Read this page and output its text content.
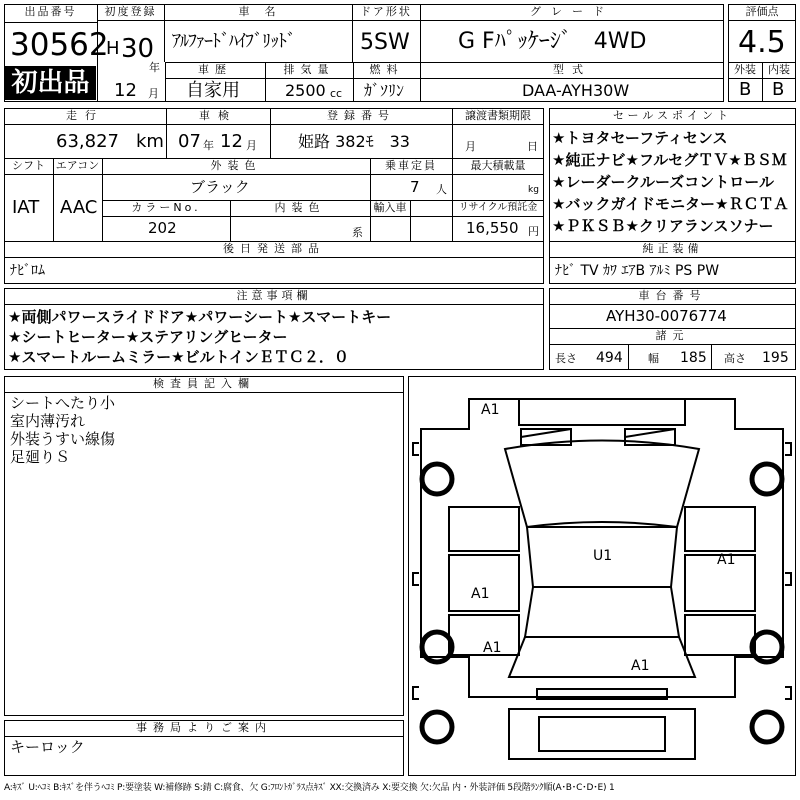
出品番号
30562
初出品
初度登録
H 30
年
12 月
車　名
ｱﾙﾌｧｰﾄﾞﾊｲﾌﾞﾘｯﾄﾞ
ドア形状
5SW
グレード
G Fﾊﾟｯｹｰｼﾞ　4WD
車歴
自家用
排気量
2500 cc
燃料
ｶﾞｿﾘﾝ
型式
DAA-AYH30W
評価点
4.5
外装	内装
B B
走行
63,827 km
車検
07 年 12 月
登録番号
姫路 382ﾓ　33
譲渡書類期限
月	日
シフト
IAT
エアコン
AAC
外装色
ブラック
乗車定員
7 人
最大積載量
kg
カラーNo.
202
内装色
系
輸入車	リサイクル預託金
16,550 円
後日発送部品
ﾅﾋﾞﾛﾑ
セールスポイント
★トヨタセーフティセンス
★純正ナビ★フルセグＴＶ★ＢＳＭ
★レーダークルーズコントロール
★バックガイドモニター★ＲＣＴＡ
★ＰＫＳＢ★クリアランスソナー
純正装備
ﾅﾋﾞ TV ｶﾜ ｴｱB ｱﾙﾐ PS PW
注意事項欄
★両側パワースライドドア★パワーシート★スマートキー
★シートヒーター★ステアリングヒーター
★スマートルームミラー★ビルトインＥＴＣ２．０
車台番号
AYH30-0076774
諸元
長さ 494 幅 185 高さ 195
検査員記入欄
シートへたり小
室内薄汚れ
外装うすい線傷
足廻りＳ
事務局よりご案内
キーロック
A1
A1
U1
A1
A1
A1
A:ｷｽﾞ U:ﾍｺﾐ B:ｷｽﾞを伴うﾍｺﾐ P:要塗装 W:補修跡 S:錆 C:腐食、欠 G:ﾌﾛﾝﾄｶﾞﾗｽ点ｷｽﾞ XX:交換済み X:要交換 欠:欠品 内・外装評価 5段階ﾗﾝｸ順(A･B･C･D･E) 1
